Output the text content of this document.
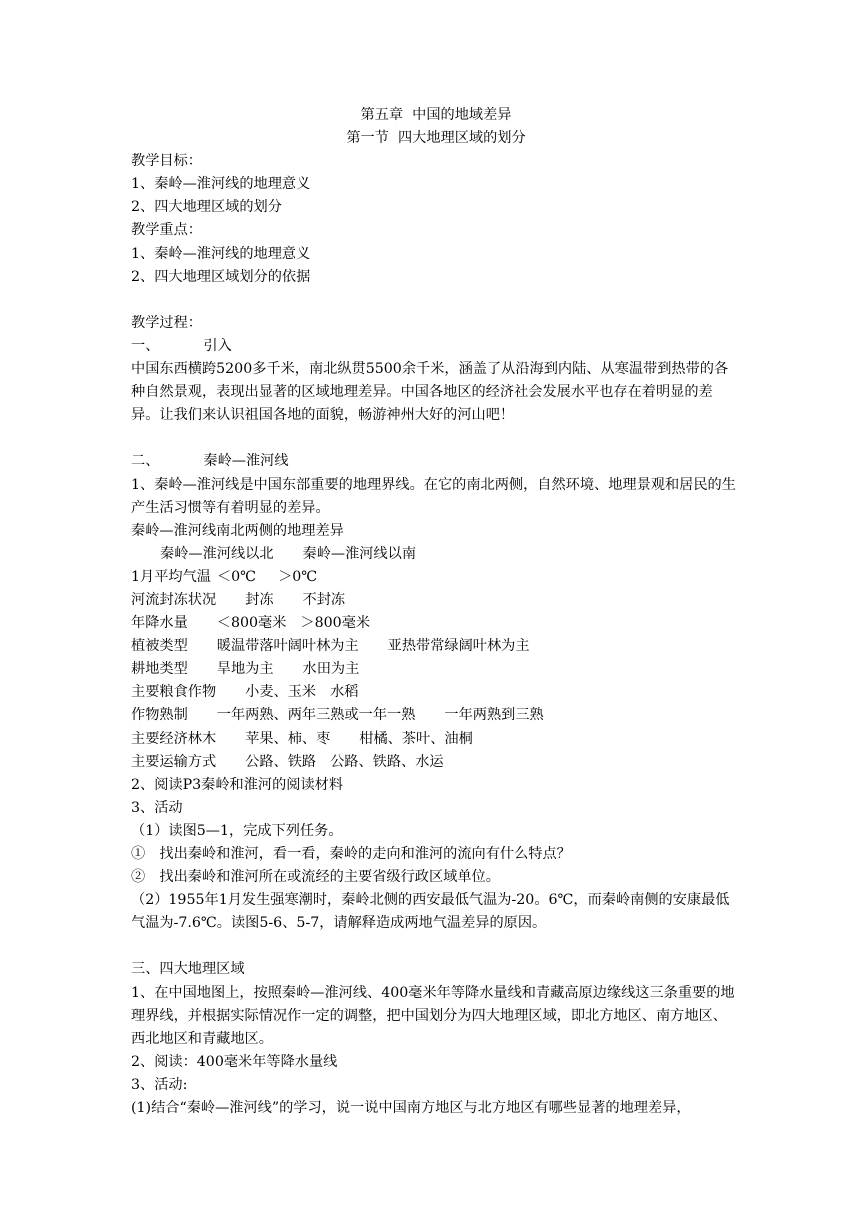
第五章  中国的地域差异
第一节  四大地理区域的划分
教学目标：
1、秦岭—淮河线的地理意义
2、四大地理区域的划分
教学重点：
1、秦岭—淮河线的地理意义
2、四大地理区域划分的依据
教学过程：
一、	引入
中国东西横跨5200多千米，南北纵贯5500余千米，涵盖了从沿海到内陆、从寒温带到热带的各种自然景观，表现出显著的区域地理差异。中国各地区的经济社会发展水平也存在着明显的差异。让我们来认识祖国各地的面貌，畅游神州大好的河山吧！
二、	秦岭—淮河线
1、秦岭—淮河线是中国东部重要的地理界线。在它的南北两侧，自然环境、地理景观和居民的生产生活习惯等有着明显的差异。
秦岭—淮河线南北两侧的地理差异
秦岭—淮河线以北 秦岭—淮河线以南
1月平均气温 ＜0℃ ＞0℃
河流封冻状况 封冻 不封冻
年降水量 ＜800毫米 ＞800毫米
植被类型 暖温带落叶阔叶林为主 亚热带常绿阔叶林为主
耕地类型 旱地为主 水田为主
主要粮食作物 小麦、玉米 水稻
作物熟制 一年两熟、两年三熟或一年一熟 一年两熟到三熟
主要经济林木 苹果、柿、枣 柑橘、茶叶、油桐
主要运输方式 公路、铁路 公路、铁路、水运
2、阅读P3秦岭和淮河的阅读材料
3、活动
（1）读图5—1，完成下列任务。
①　找出秦岭和淮河，看一看，秦岭的走向和淮河的流向有什么特点？
②　找出秦岭和淮河所在或流经的主要省级行政区域单位。
（2）1955年1月发生强寒潮时，秦岭北侧的西安最低气温为-20。6℃，而秦岭南侧的安康最低气温为-7.6℃。读图5-6、5-7，请解释造成两地气温差异的原因。
三、四大地理区域
1、在中国地图上，按照秦岭—淮河线、400毫米年等降水量线和青藏高原边缘线这三条重要的地理界线，并根据实际情况作一定的调整，把中国划分为四大地理区域，即北方地区、南方地区、西北地区和青藏地区。
2、阅读：400毫米年等降水量线
3、活动:
(1)结合“秦岭—淮河线”的学习，说一说中国南方地区与北方地区有哪些显著的地理差异，
